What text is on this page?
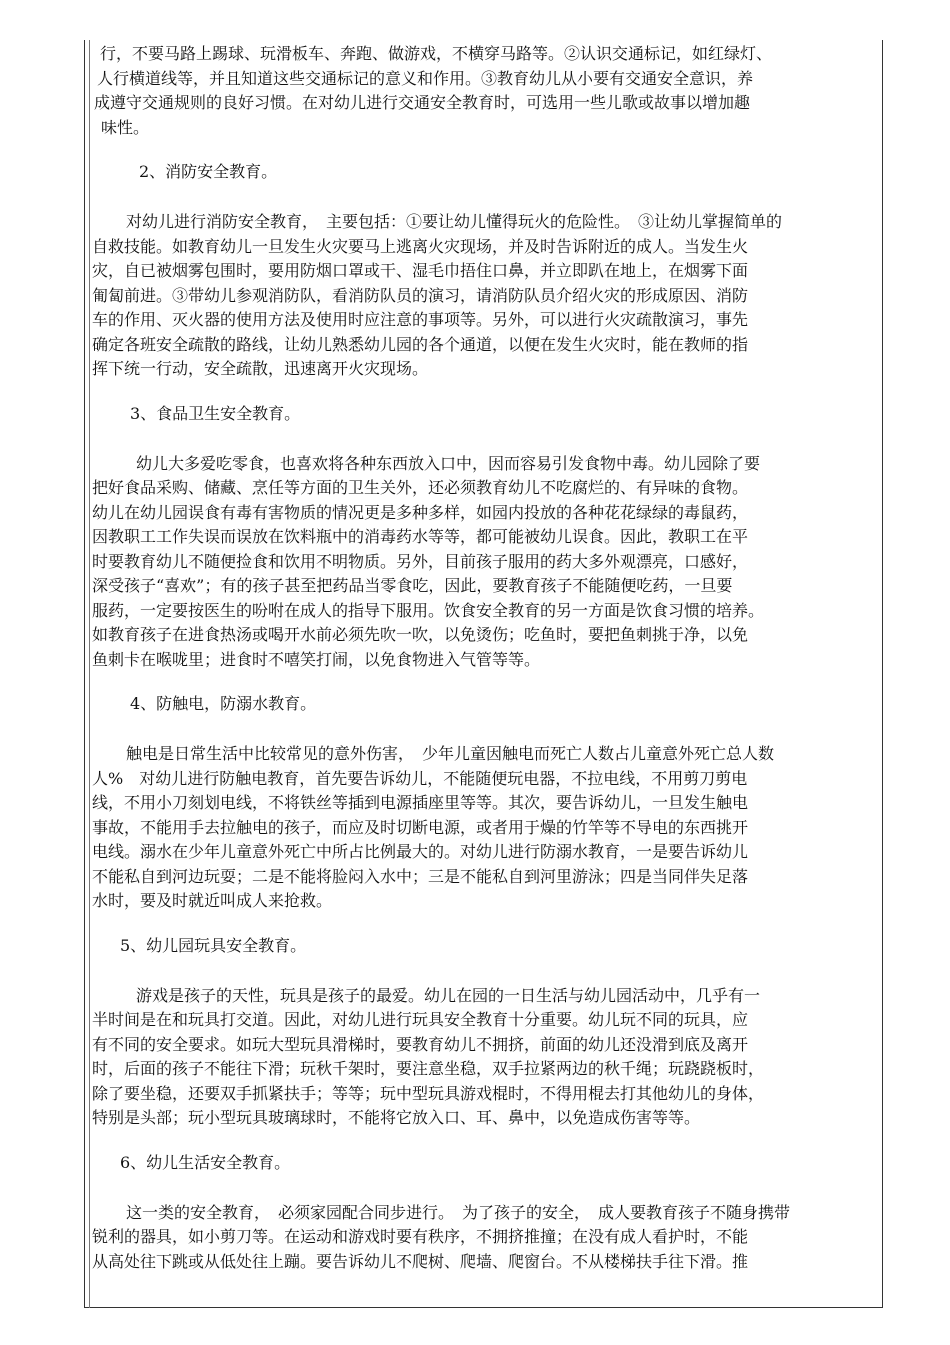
行，不要马路上踢球、玩滑板车、奔跑、做游戏，不横穿马路等。②认识交通标记，如红绿灯、
人行横道线等，并且知道这些交通标记的意义和作用。③教育幼儿从小要有交通安全意识，养
成遵守交通规则的良好习惯。在对幼儿进行交通安全教育时，可选用一些儿歌或故事以增加趣
味性。
2、消防安全教育。
对幼儿进行消防安全教育，　主要包括：①要让幼儿懂得玩火的危险性。　③让幼儿掌握简单的
自救技能。如教育幼儿一旦发生火灾要马上逃离火灾现场，并及时告诉附近的成人。当发生火
灾，自已被烟雾包围时，要用防烟口罩或干、湿毛巾捂住口鼻，并立即趴在地上，在烟雾下面
匍匐前进。③带幼儿参观消防队，看消防队员的演习，请消防队员介绍火灾的形成原因、消防
车的作用、灭火器的使用方法及使用时应注意的事项等。另外，可以进行火灾疏散演习，事先
确定各班安全疏散的路线，让幼儿熟悉幼儿园的各个通道，以便在发生火灾时，能在教师的指
挥下统一行动，安全疏散，迅速离开火灾现场。
3、食品卫生安全教育。
幼儿大多爱吃零食，也喜欢将各种东西放入口中，因而容易引发食物中毒。幼儿园除了要
把好食品采购、储藏、烹任等方面的卫生关外，还必须教育幼儿不吃腐烂的、有异味的食物。
幼儿在幼儿园误食有毒有害物质的情况更是多种多样，如园内投放的各种花花绿绿的毒鼠药，
因教职工工作失误而误放在饮料瓶中的消毒药水等等，都可能被幼儿误食。因此，教职工在平
时要教育幼儿不随便捡食和饮用不明物质。另外，目前孩子服用的药大多外观漂亮，口感好，
深受孩子“喜欢”；有的孩子甚至把药品当零食吃，因此，要教育孩子不能随便吃药，一旦要
服药，一定要按医生的吩咐在成人的指导下服用。饮食安全教育的另一方面是饮食习惯的培养。
如教育孩子在进食热汤或喝开水前必须先吹一吹，以免烫伤；吃鱼时，要把鱼刺挑于净，以免
鱼刺卡在喉咙里；进食时不嘻笑打闹，以免食物进入气管等等。
4、防触电，防溺水教育。
触电是日常生活中比较常见的意外伤害，　少年儿童因触电而死亡人数占儿童意外死亡总人数
人%　对幼儿进行防触电教育，首先要告诉幼儿，不能随便玩电器，不拉电线，不用剪刀剪电
线，不用小刀刻划电线，不将铁丝等插到电源插座里等等。其次，要告诉幼儿，一旦发生触电
事故，不能用手去拉触电的孩子，而应及时切断电源，或者用于燥的竹竿等不导电的东西挑开
电线。溺水在少年儿童意外死亡中所占比例最大的。对幼儿进行防溺水教育，一是要告诉幼儿
不能私自到河边玩耍；二是不能将脸闷入水中；三是不能私自到河里游泳；四是当同伴失足落
水时，要及时就近叫成人来抢救。
5、幼儿园玩具安全教育。
游戏是孩子的天性，玩具是孩子的最爱。幼儿在园的一日生活与幼儿园活动中，几乎有一
半时间是在和玩具打交道。因此，对幼儿进行玩具安全教育十分重要。幼儿玩不同的玩具，应
有不同的安全要求。如玩大型玩具滑梯时，要教育幼儿不拥挤，前面的幼儿还没滑到底及离开
时，后面的孩子不能往下滑；玩秋千架时，要注意坐稳，双手拉紧两边的秋千绳；玩跷跷板时，
除了要坐稳，还要双手抓紧扶手；等等；玩中型玩具游戏棍时，不得用棍去打其他幼儿的身体，
特别是头部；玩小型玩具玻璃球时，不能将它放入口、耳、鼻中，以免造成伤害等等。
6、幼儿生活安全教育。
这一类的安全教育，　必须家园配合同步进行。　为了孩子的安全，　成人要教育孩子不随身携带
锐利的器具，如小剪刀等。在运动和游戏时要有秩序，不拥挤推撞；在没有成人看护时，不能
从高处往下跳或从低处往上蹦。要告诉幼儿不爬树、爬墙、爬窗台。不从楼梯扶手往下滑。推
